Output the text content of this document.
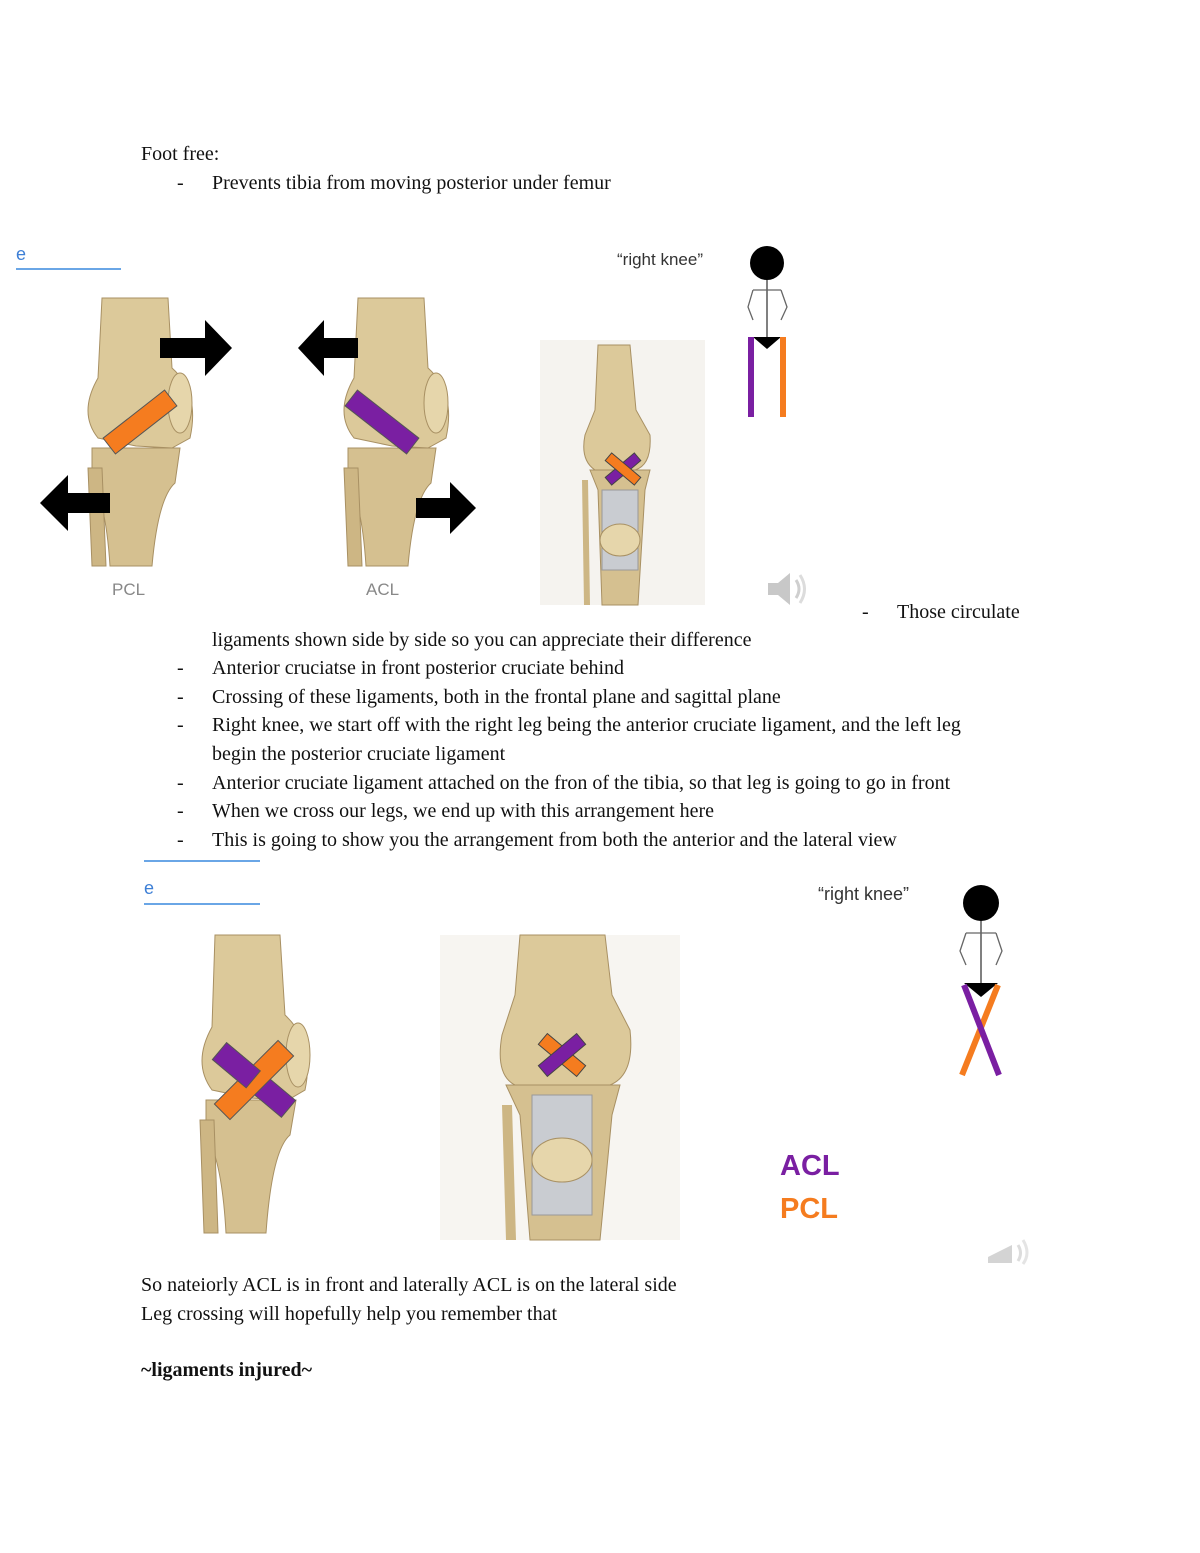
Foot free:
- Prevents tibia from moving posterior under femur
e
PCL	ACL
“right knee”
- Those circulate
ligaments shown side by side so you can appreciate their difference
- Anterior cruciatse in front posterior cruciate behind
- Crossing of these ligaments, both in the frontal plane and sagittal plane
- Right knee, we start off with the right leg being the anterior cruciate ligament, and the left leg
begin the posterior cruciate ligament
- Anterior cruciate ligament attached on the fron of the tibia, so that leg is going to go in front
- When we cross our legs, we end up with this arrangement here
- This is going to show you the arrangement from both the anterior and the lateral view
e	“right knee”
ACL
PCL
So nateiorly ACL is in front and laterally ACL is on the lateral side
Leg crossing will hopefully help you remember that
~ligaments injured~
